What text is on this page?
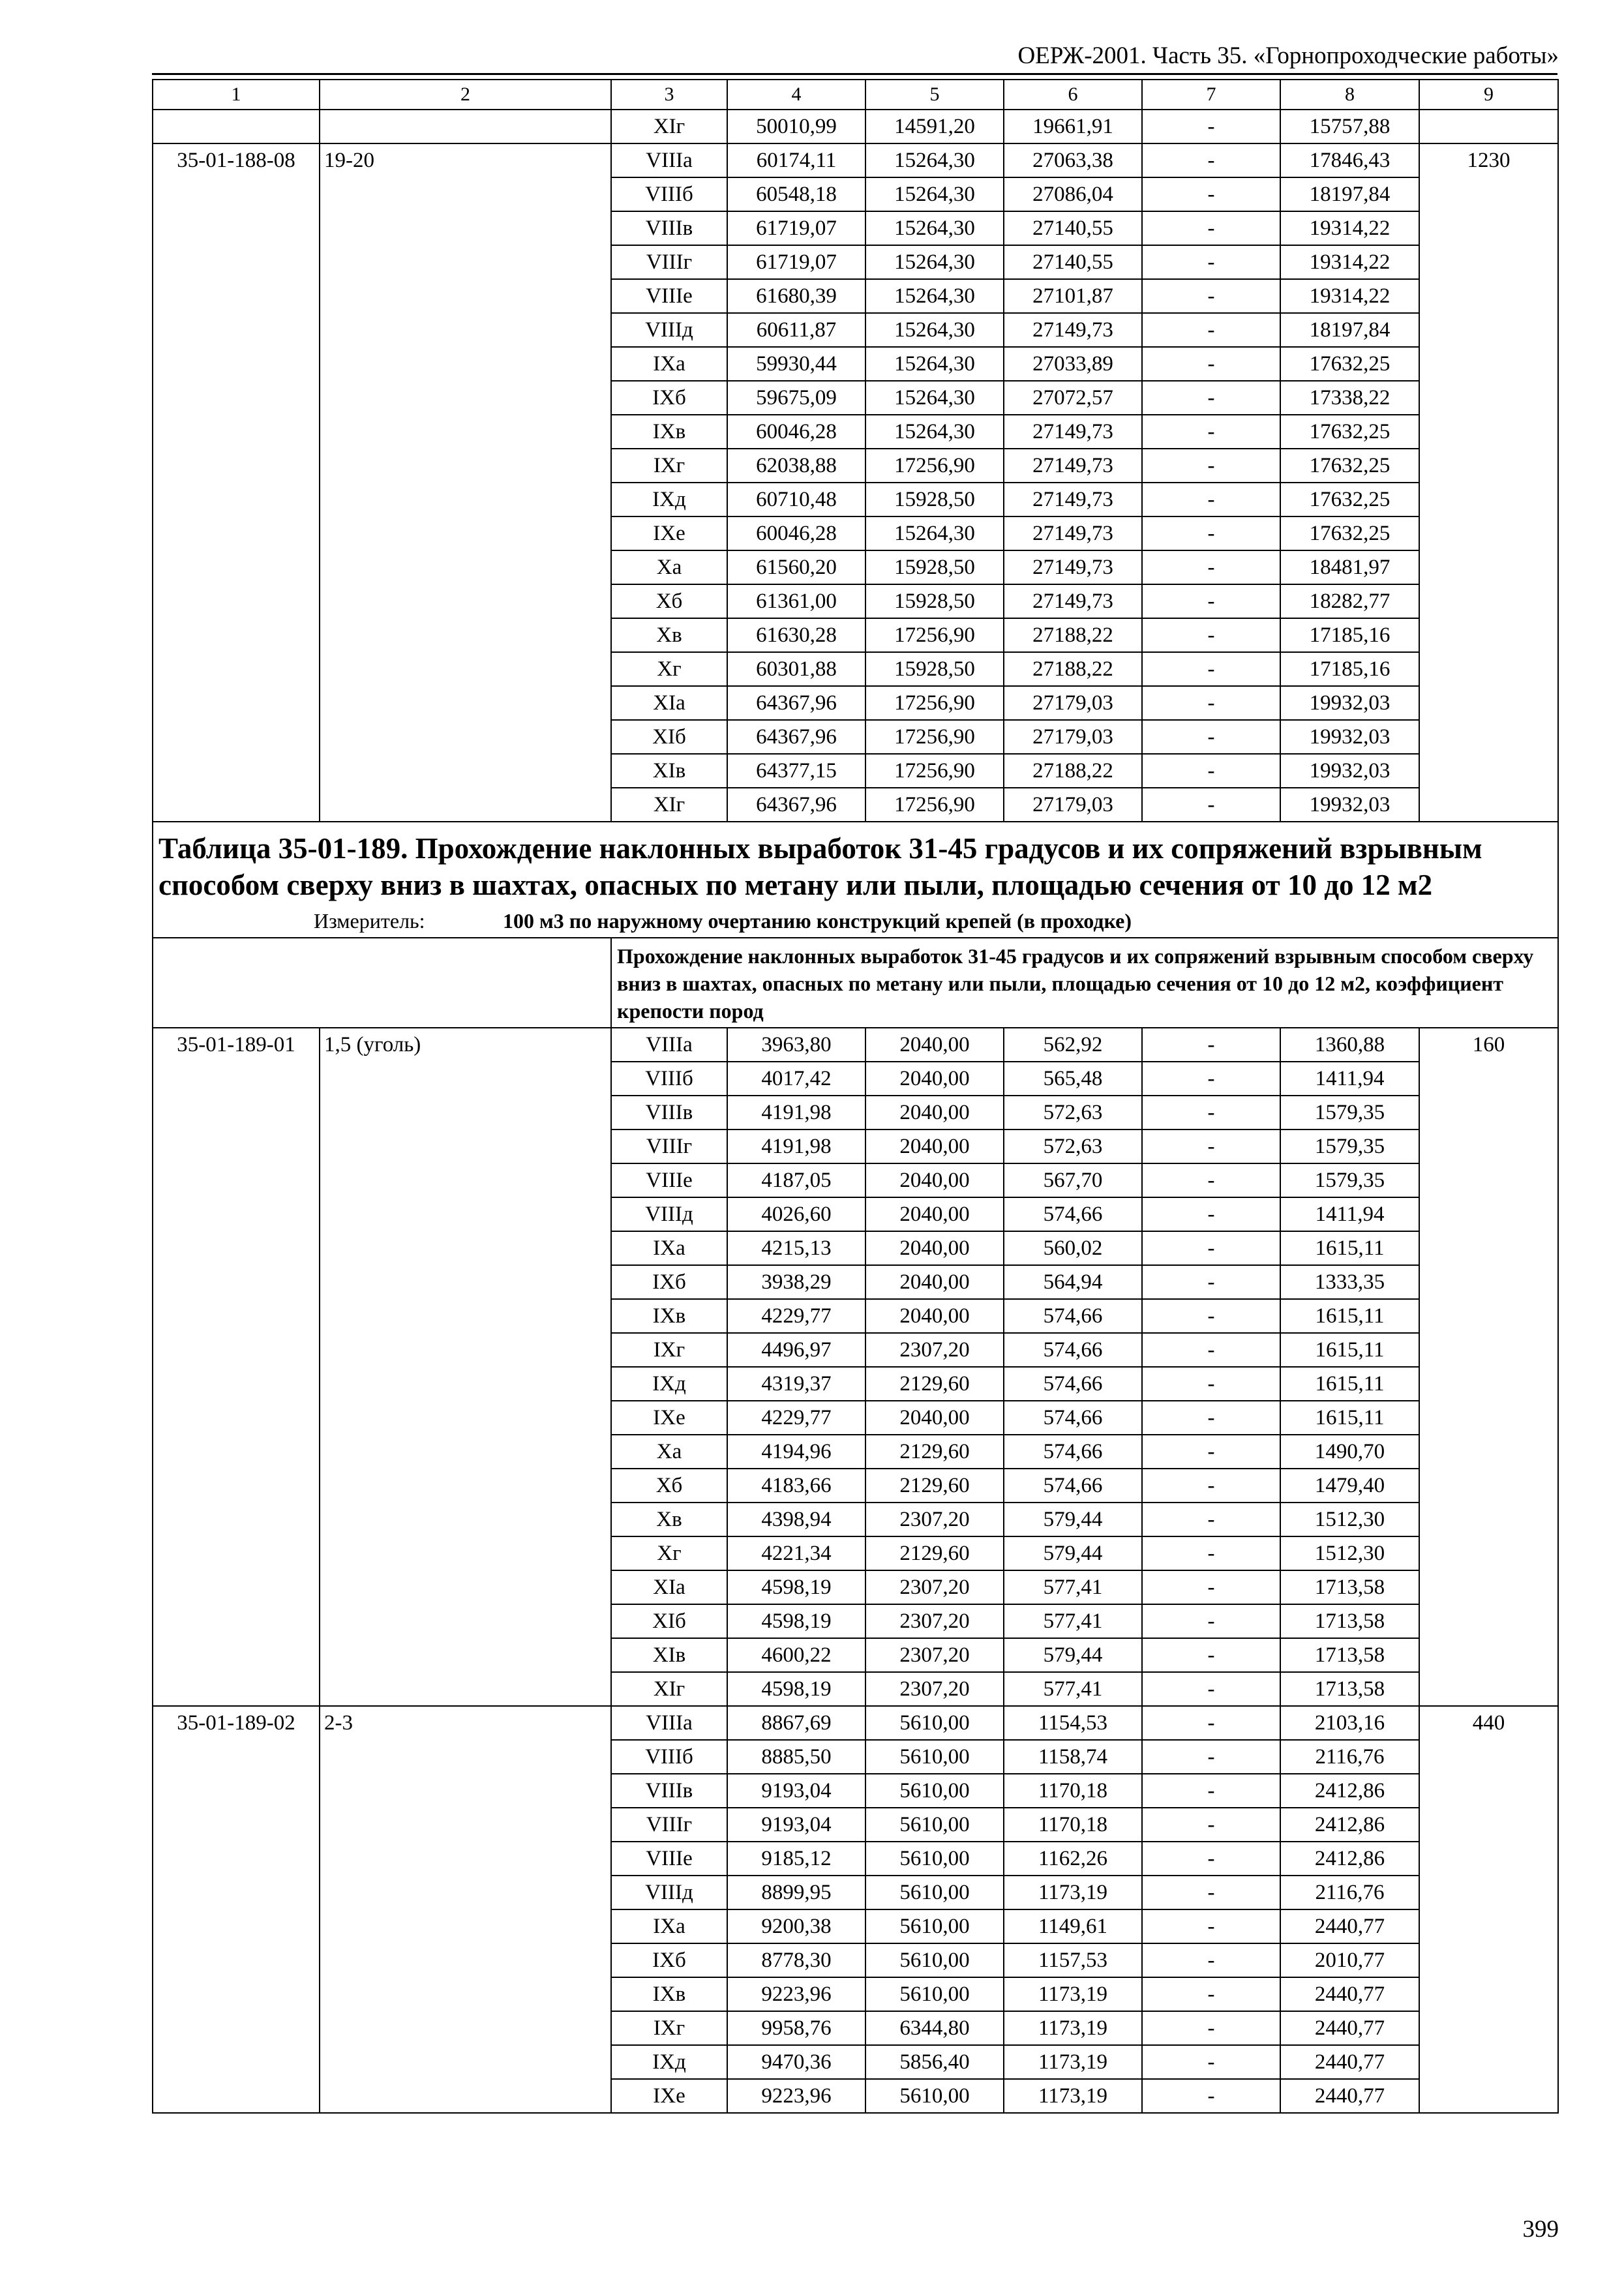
ОЕРЖ-2001. Часть 35. «Горнопроходческие работы»
1	2	3	4	5	6	7	8	9
		XIг	50010,99	14591,20	19661,91	-	15757,88	
35-01-188-08	19-20	VIIIа	60174,11	15264,30	27063,38	-	17846,43	1230
		VIIIб	60548,18	15264,30	27086,04	-	18197,84	
		VIIIв	61719,07	15264,30	27140,55	-	19314,22	
		VIIIг	61719,07	15264,30	27140,55	-	19314,22	
		VIIIе	61680,39	15264,30	27101,87	-	19314,22	
		VIIIд	60611,87	15264,30	27149,73	-	18197,84	
		IXа	59930,44	15264,30	27033,89	-	17632,25	
		IXб	59675,09	15264,30	27072,57	-	17338,22	
		IXв	60046,28	15264,30	27149,73	-	17632,25	
		IXг	62038,88	17256,90	27149,73	-	17632,25	
		IXд	60710,48	15928,50	27149,73	-	17632,25	
		IXе	60046,28	15264,30	27149,73	-	17632,25	
		Xа	61560,20	15928,50	27149,73	-	18481,97	
		Xб	61361,00	15928,50	27149,73	-	18282,77	
		Xв	61630,28	17256,90	27188,22	-	17185,16	
		Xг	60301,88	15928,50	27188,22	-	17185,16	
		XIа	64367,96	17256,90	27179,03	-	19932,03	
		XIб	64367,96	17256,90	27179,03	-	19932,03	
		XIв	64377,15	17256,90	27188,22	-	19932,03	
		XIг	64367,96	17256,90	27179,03	-	19932,03	

Таблица 35-01-189. Прохождение наклонных выработок 31-45 градусов и их сопряжений взрывным способом сверху вниз в шахтах, опасных по метану или пыли, площадью сечения от 10 до 12 м2
Измеритель: 100 м3 по наружному очертанию конструкций крепей (в проходке)								

		Прохождение наклонных выработок 31-45 градусов и их сопряжений взрывным способом сверху вниз в шахтах, опасных по метану или пыли, площадью сечения от 10 до 12 м2, коэффициент крепости пород						
35-01-189-01	1,5 (уголь)	VIIIа	3963,80	2040,00	562,92	-	1360,88	160
		VIIIб	4017,42	2040,00	565,48	-	1411,94	
		VIIIв	4191,98	2040,00	572,63	-	1579,35	
		VIIIг	4191,98	2040,00	572,63	-	1579,35	
		VIIIе	4187,05	2040,00	567,70	-	1579,35	
		VIIIд	4026,60	2040,00	574,66	-	1411,94	
		IXа	4215,13	2040,00	560,02	-	1615,11	
		IXб	3938,29	2040,00	564,94	-	1333,35	
		IXв	4229,77	2040,00	574,66	-	1615,11	
		IXг	4496,97	2307,20	574,66	-	1615,11	
		IXд	4319,37	2129,60	574,66	-	1615,11	
		IXе	4229,77	2040,00	574,66	-	1615,11	
		Xа	4194,96	2129,60	574,66	-	1490,70	
		Xб	4183,66	2129,60	574,66	-	1479,40	
		Xв	4398,94	2307,20	579,44	-	1512,30	
		Xг	4221,34	2129,60	579,44	-	1512,30	
		XIа	4598,19	2307,20	577,41	-	1713,58	
		XIб	4598,19	2307,20	577,41	-	1713,58	
		XIв	4600,22	2307,20	579,44	-	1713,58	
		XIг	4598,19	2307,20	577,41	-	1713,58	
35-01-189-02	2-3	VIIIа	8867,69	5610,00	1154,53	-	2103,16	440
		VIIIб	8885,50	5610,00	1158,74	-	2116,76	
		VIIIв	9193,04	5610,00	1170,18	-	2412,86	
		VIIIг	9193,04	5610,00	1170,18	-	2412,86	
		VIIIе	9185,12	5610,00	1162,26	-	2412,86	
		VIIIд	8899,95	5610,00	1173,19	-	2116,76	
		IXа	9200,38	5610,00	1149,61	-	2440,77	
		IXб	8778,30	5610,00	1157,53	-	2010,77	
		IXв	9223,96	5610,00	1173,19	-	2440,77	
		IXг	9958,76	6344,80	1173,19	-	2440,77	
		IXд	9470,36	5856,40	1173,19	-	2440,77	
		IXе	9223,96	5610,00	1173,19	-	2440,77	
399
